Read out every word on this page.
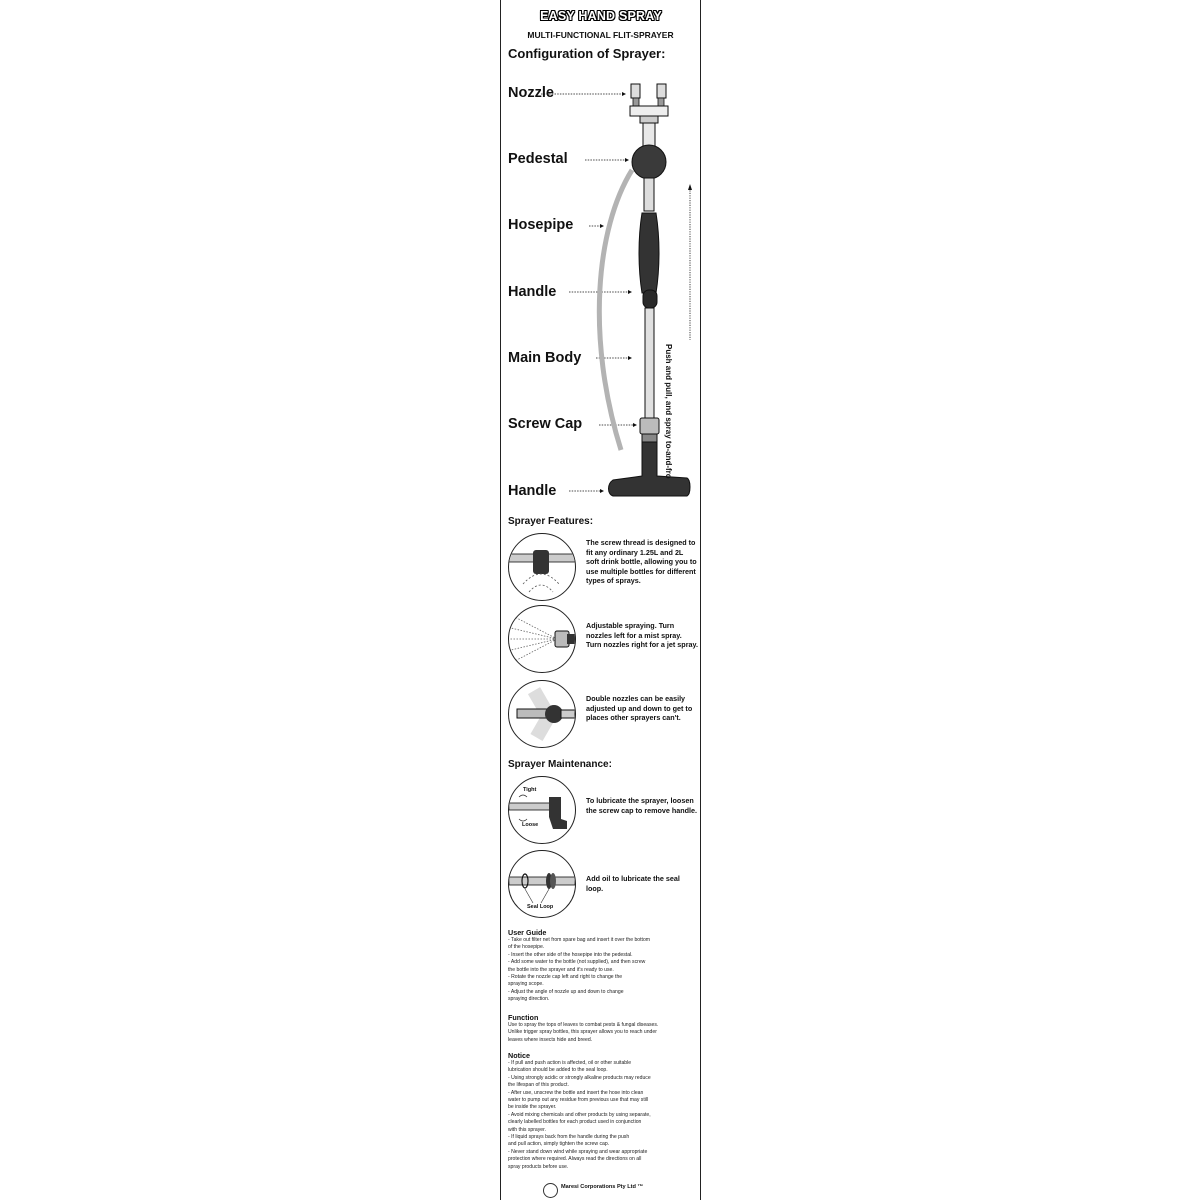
EASY HAND SPRAY
MULTI-FUNCTIONAL FLIT-SPRAYER
Configuration of Sprayer:
Nozzle
Pedestal
Hosepipe
Handle
Main Body
Screw Cap
Handle
Push and pull, and spray to-and-fro
Sprayer Features:
The screw thread is designed to fit any ordinary 1.25L and 2L soft drink bottle, allowing you to use multiple bottles for different types of sprays.
Adjustable spraying. Turn nozzles left for a mist spray. Turn nozzles right for a jet spray.
Double nozzles can be easily adjusted up and down to get to places other sprayers can't.
Sprayer Maintenance:
Tight
Loose
To lubricate the sprayer, loosen the screw cap to remove handle.
Seal Loop
Add oil to lubricate the seal loop.
User Guide
- Take out filter net from spare bag and insert it over the bottom
of the hosepipe.
- Insert the other side of the hosepipe into the pedestal.
- Add some water to the bottle (not supplied), and then screw
the bottle into the sprayer and it's ready to use.
- Rotate the nozzle cap left and right to change the
spraying scope.
- Adjust the angle of nozzle up and down to change
spraying direction.
Function
Use to spray the tops of leaves to combat pests & fungal diseases.
Unlike trigger spray bottles, this sprayer allows you to reach under
leaves where insects hide and breed.
Notice
- If pull and push action is affected, oil or other suitable
lubrication should be added to the seal loop.
- Using strongly acidic or strongly alkaline products may reduce
the lifespan of this product.
- After use, unscrew the bottle and insert the hose into clean
water to pump out any residue from previous use that may still
be inside the sprayer.
- Avoid mixing chemicals and other products by using separate,
clearly labelled bottles for each product used in conjunction
with this sprayer.
- If liquid sprays back from the handle during the push
and pull action, simply tighten the screw cap.
- Never stand down wind while spraying and wear appropriate
protection where required. Always read the directions on all
spray products before use.
Maresi Corporations Pty Ltd ™
